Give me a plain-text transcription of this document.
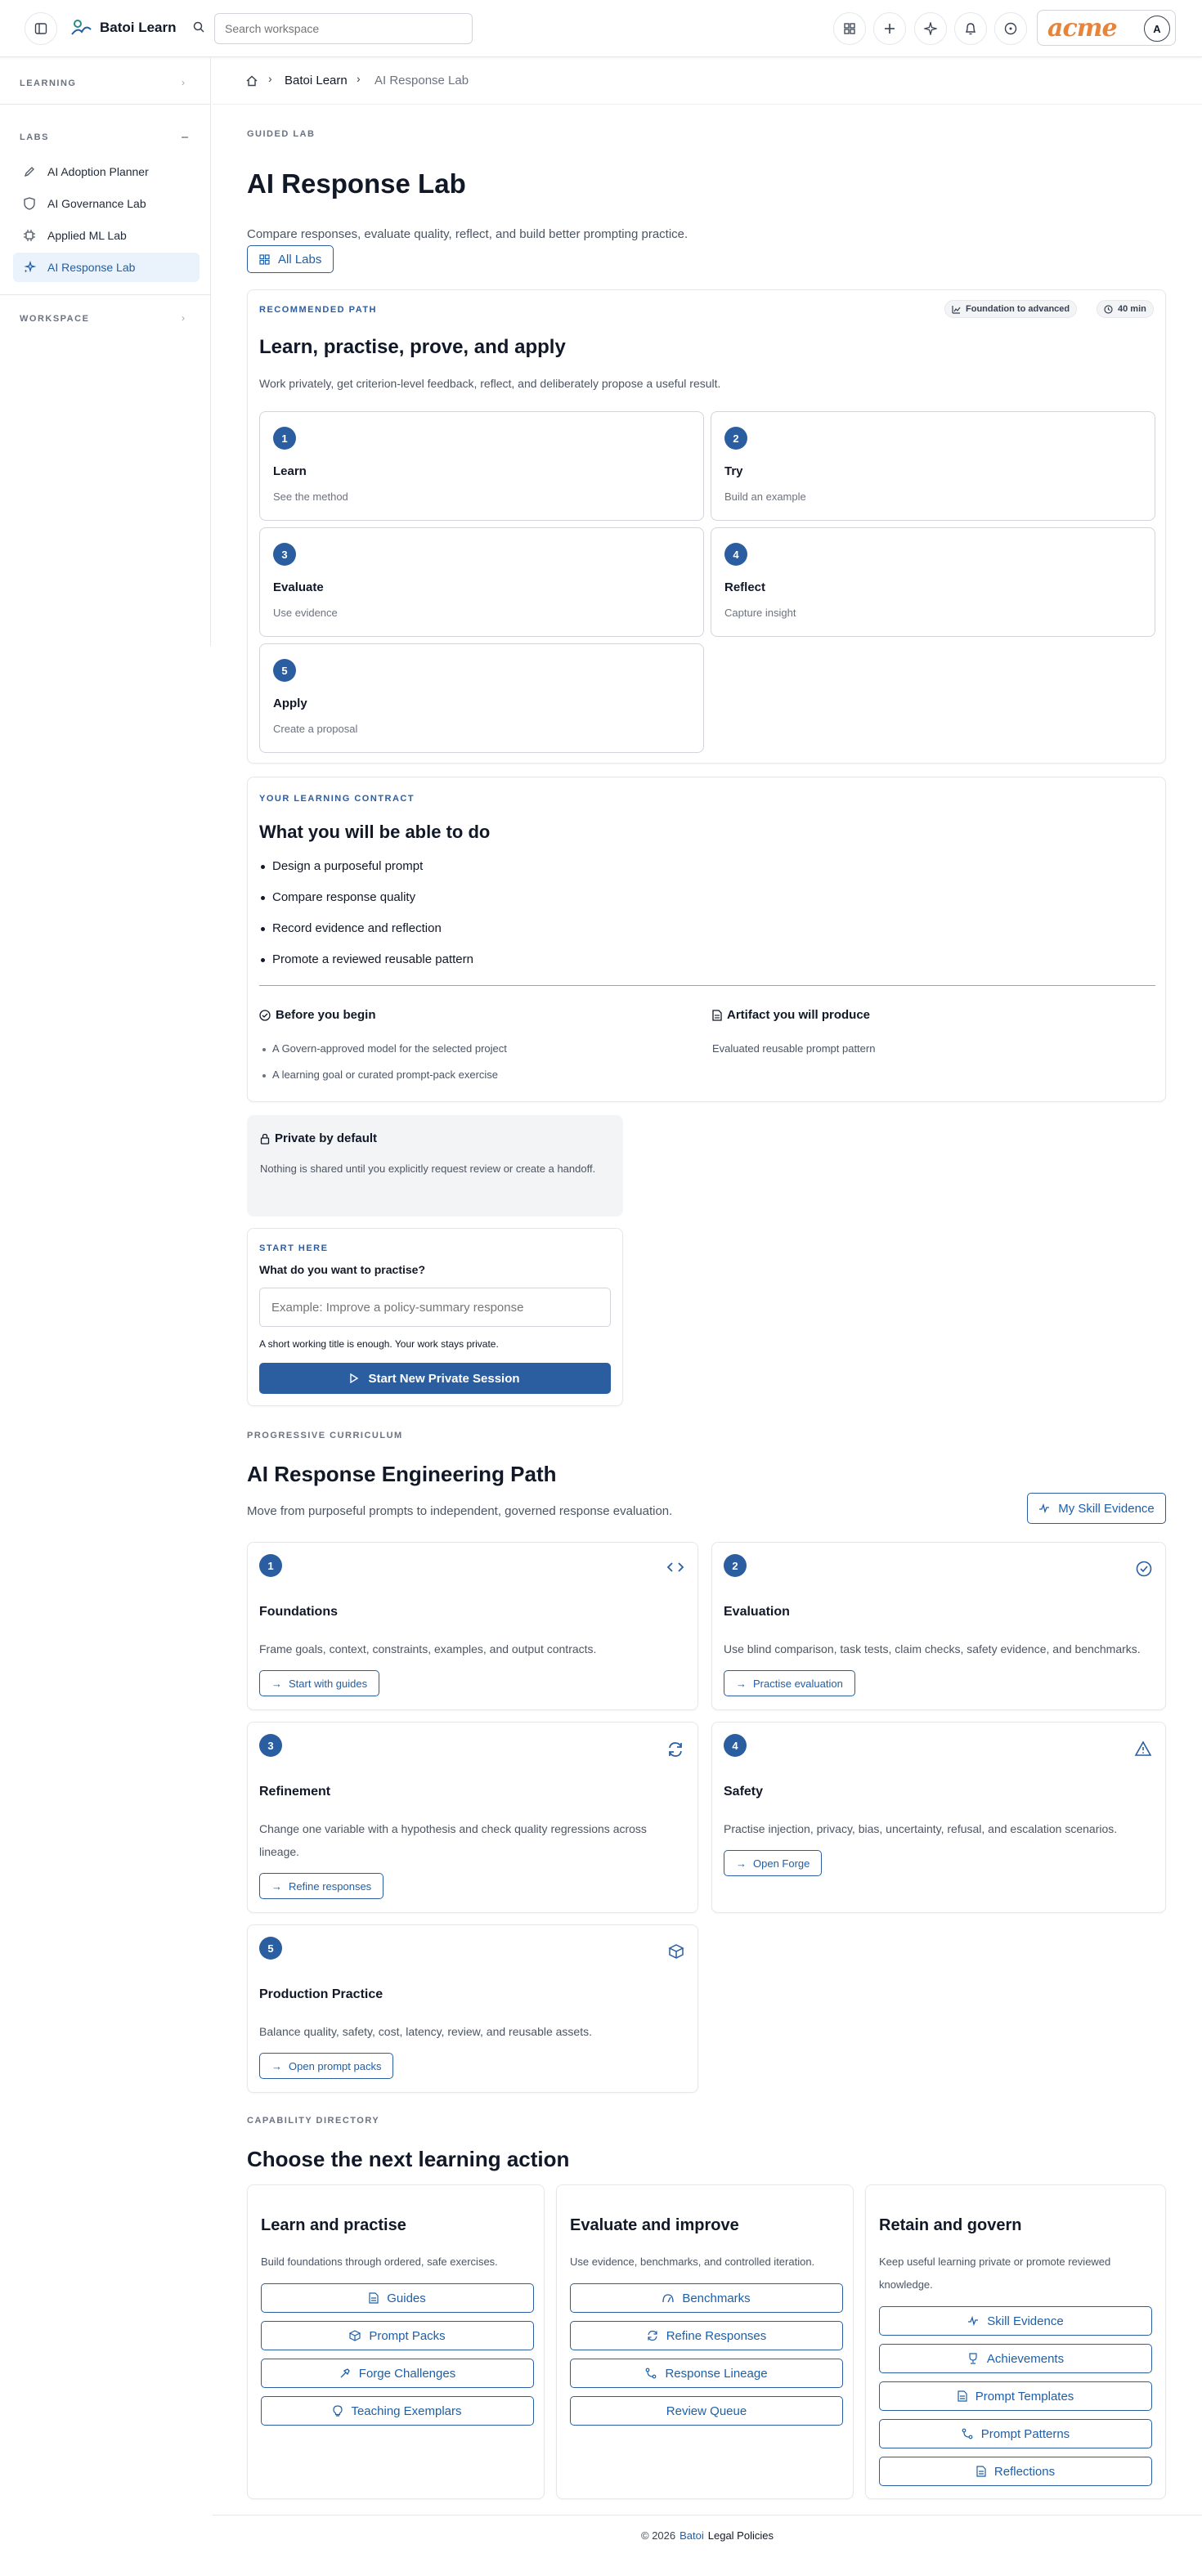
Batoi Learn
Search workspace	acme	A
LEARNING	›
LABS
AI Adoption Planner
AI Governance Lab
Applied ML Lab
AI Response Lab
WORKSPACE	›
› Batoi Learn › AI Response Lab
GUIDED LAB
AI Response Lab
Compare responses, evaluate quality, reflect, and build better prompting practice.
All Labs
RECOMMENDED PATH	Foundation to advanced	40 min
Learn, practise, prove, and apply
Work privately, get criterion-level feedback, reflect, and deliberately propose a useful result.
1
Learn
See the method
2
Try
Build an example
3
Evaluate
Use evidence
4
Reflect
Capture insight
5
Apply
Create a proposal
YOUR LEARNING CONTRACT
What you will be able to do
Design a purposeful prompt
Compare response quality
Record evidence and reflection
Promote a reviewed reusable pattern
Before you begin
A Govern-approved model for the selected project
A learning goal or curated prompt-pack exercise
Artifact you will produce
Evaluated reusable prompt pattern
Private by default
Nothing is shared until you explicitly request review or create a handoff.
START HERE
What do you want to practise?
Example: Improve a policy-summary response
A short working title is enough. Your work stays private.
Start New Private Session
PROGRESSIVE CURRICULUM
AI Response Engineering Path
Move from purposeful prompts to independent, governed response evaluation.	My Skill Evidence
1
Foundations
Frame goals, context, constraints, examples, and output contracts.
→ Start with guides
2
Evaluation
Use blind comparison, task tests, claim checks, safety evidence, and benchmarks.
→ Practise evaluation
3
Refinement
Change one variable with a hypothesis and check quality regressions across lineage.
→ Refine responses
4
Safety
Practise injection, privacy, bias, uncertainty, refusal, and escalation scenarios.
→ Open Forge
5
Production Practice
Balance quality, safety, cost, latency, review, and reusable assets.
→ Open prompt packs
CAPABILITY DIRECTORY
Choose the next learning action
Learn and practise
Build foundations through ordered, safe exercises.
Guides
Prompt Packs
Forge Challenges
Teaching Exemplars
Evaluate and improve
Use evidence, benchmarks, and controlled iteration.
Benchmarks
Refine Responses
Response Lineage
Review Queue
Retain and govern
Keep useful learning private or promote reviewed knowledge.
Skill Evidence
Achievements
Prompt Templates
Prompt Patterns
Reflections
© 2026 Batoi Legal Policies
